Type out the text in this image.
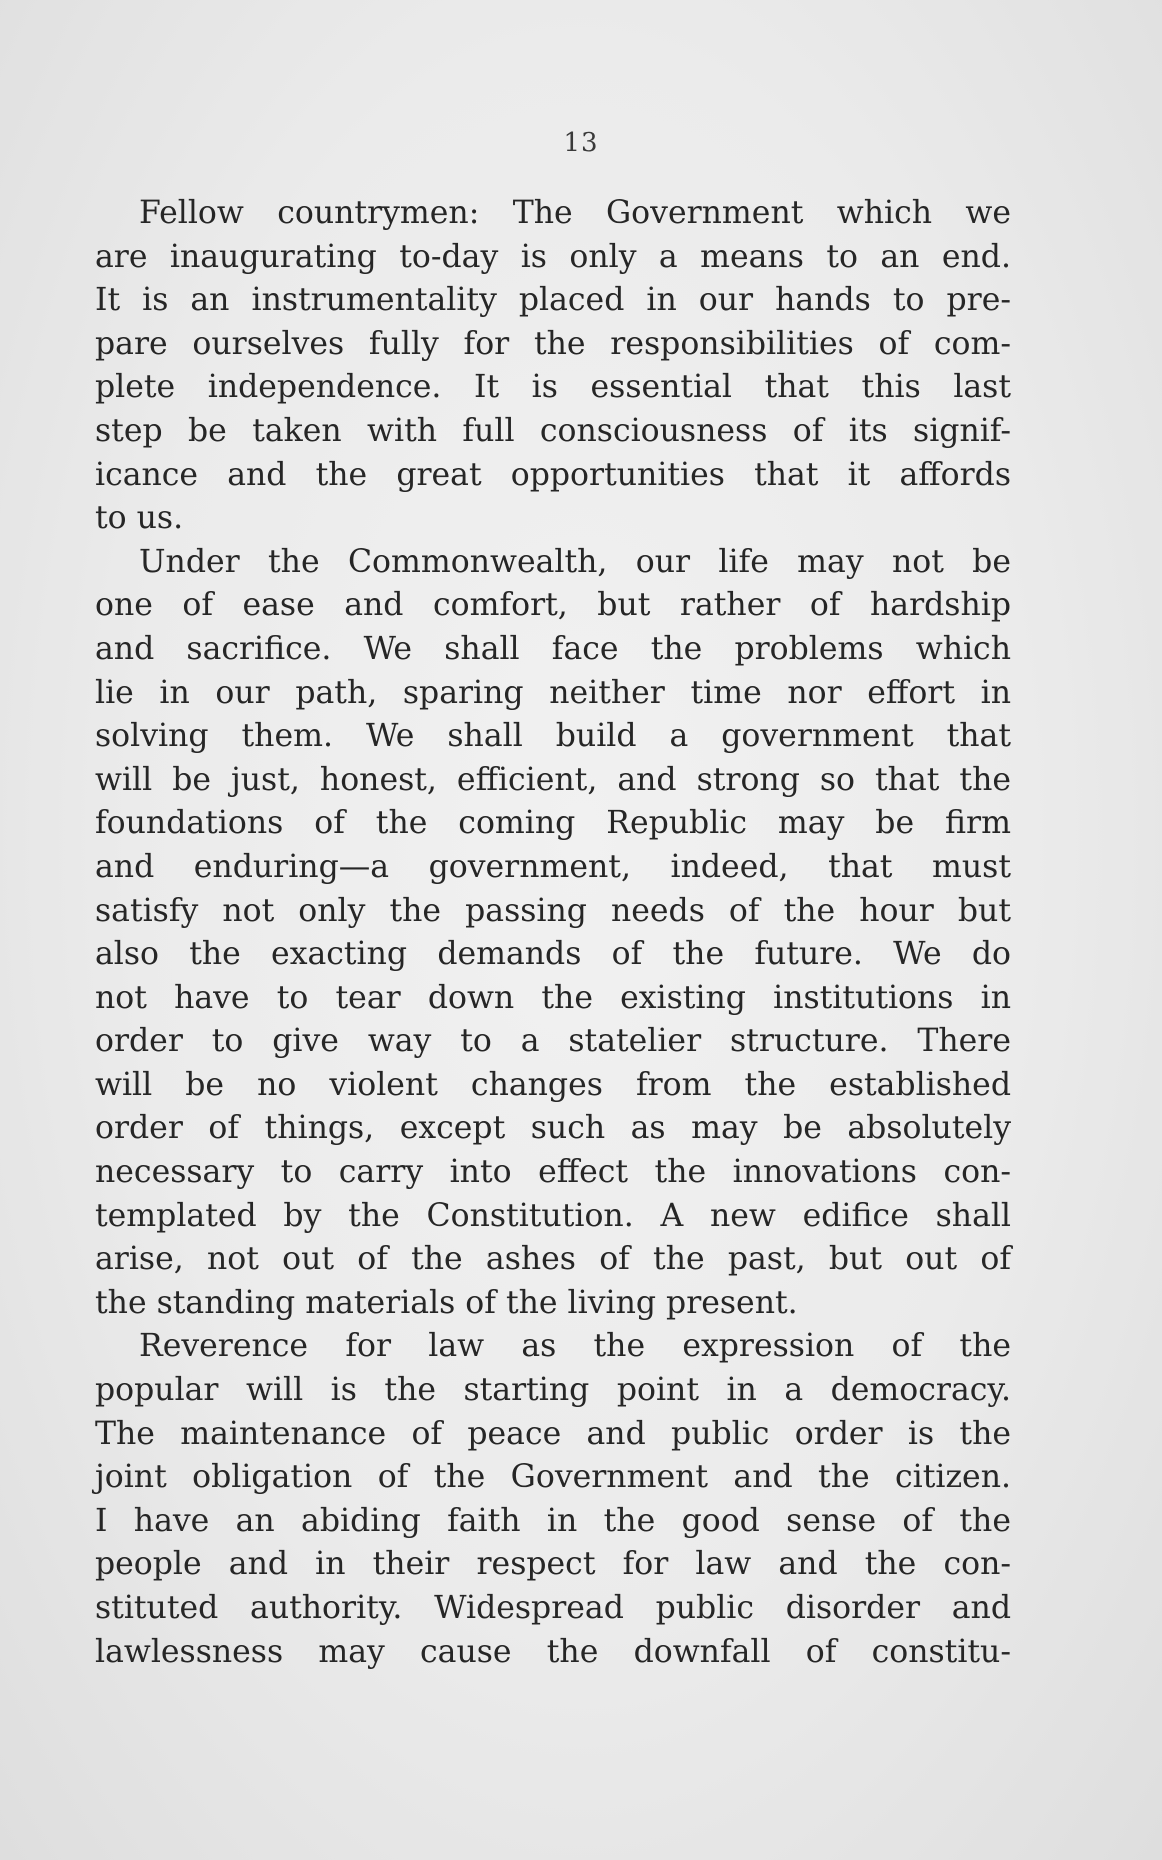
13
Fellow countrymen: The Government which we
are inaugurating to-day is only a means to an end.
It is an instrumentality placed in our hands to pre-
pare ourselves fully for the responsibilities of com-
plete independence. It is essential that this last
step be taken with full consciousness of its signif-
icance and the great opportunities that it affords
to us.
Under the Commonwealth, our life may not be
one of ease and comfort, but rather of hardship
and sacrifice. We shall face the problems which
lie in our path, sparing neither time nor effort in
solving them. We shall build a government that
will be just, honest, efficient, and strong so that the
foundations of the coming Republic may be firm
and enduring—a government, indeed, that must
satisfy not only the passing needs of the hour but
also the exacting demands of the future. We do
not have to tear down the existing institutions in
order to give way to a statelier structure. There
will be no violent changes from the established
order of things, except such as may be absolutely
necessary to carry into effect the innovations con-
templated by the Constitution. A new edifice shall
arise, not out of the ashes of the past, but out of
the standing materials of the living present.
Reverence for law as the expression of the
popular will is the starting point in a democracy.
The maintenance of peace and public order is the
joint obligation of the Government and the citizen.
I have an abiding faith in the good sense of the
people and in their respect for law and the con-
stituted authority. Widespread public disorder and
lawlessness may cause the downfall of constitu-
